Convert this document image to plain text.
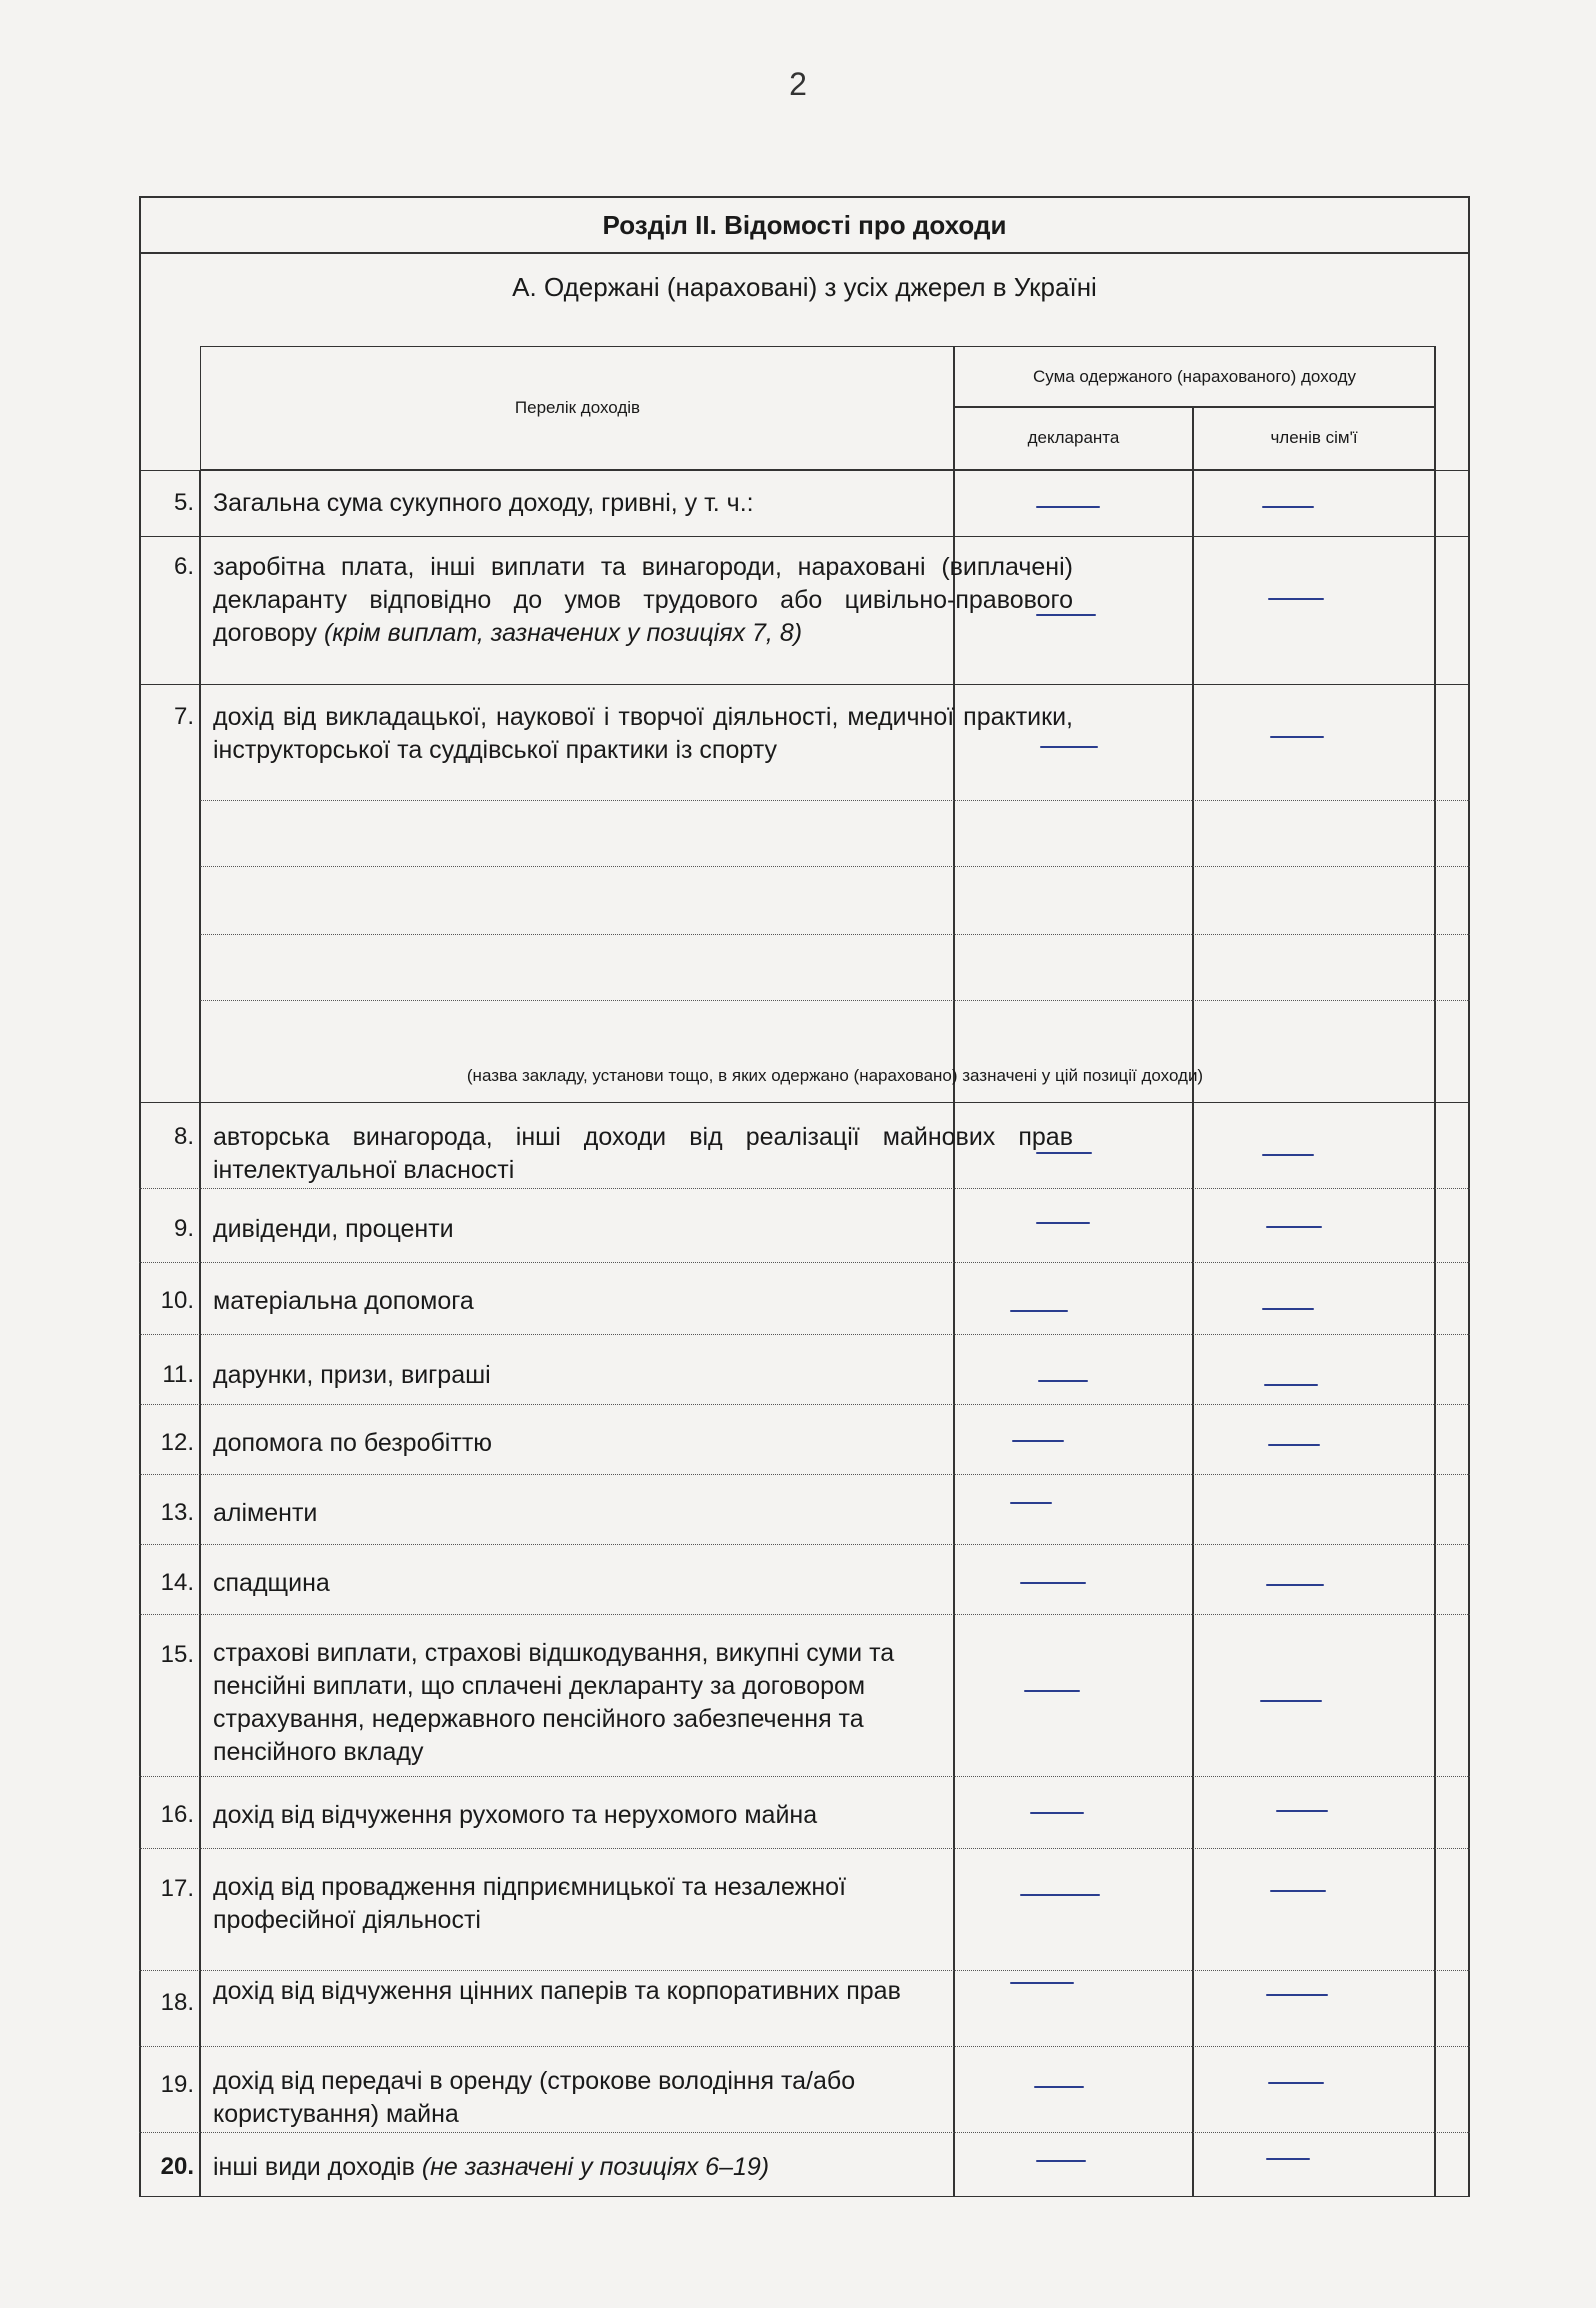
2
Розділ ІІ. Відомості про доходи
А. Одержані (нараховані) з усіх джерел в Україні
Перелік доходів
Сума одержаного (нарахованого) доходу
декларанта	членів сім'ї
5. Загальна сума сукупного доходу, гривні, у т. ч.:
6. заробітна плата, інші виплати та винагороди, нараховані (виплачені) декларанту відповідно до умов трудового або цивільно-правового договору (крім виплат, зазначених у позиціях 7, 8)
7. дохід від викладацької, наукової і творчої діяльності, медичної практики, інструкторської та суддівської практики із спорту
(назва закладу, установи тощо, в яких одержано (нараховано) зазначені у цій позиції доходи)
8. авторська винагорода, інші доходи від реалізації майнових прав інтелектуальної власності
9. дивіденди, проценти
10. матеріальна допомога
11. дарунки, призи, виграші
12. допомога по безробіттю
13. аліменти
14. спадщина
15. страхові виплати, страхові відшкодування, викупні суми та пенсійні виплати, що сплачені декларанту за договором страхування, недержавного пенсійного забезпечення та пенсійного вкладу
16. дохід від відчуження рухомого та нерухомого майна
17. дохід від провадження підприємницької та незалежної професійної діяльності
18. дохід від відчуження цінних паперів та корпоративних прав
19. дохід від передачі в оренду (строкове володіння та/або користування) майна
20. інші види доходів (не зазначені у позиціях 6–19)
